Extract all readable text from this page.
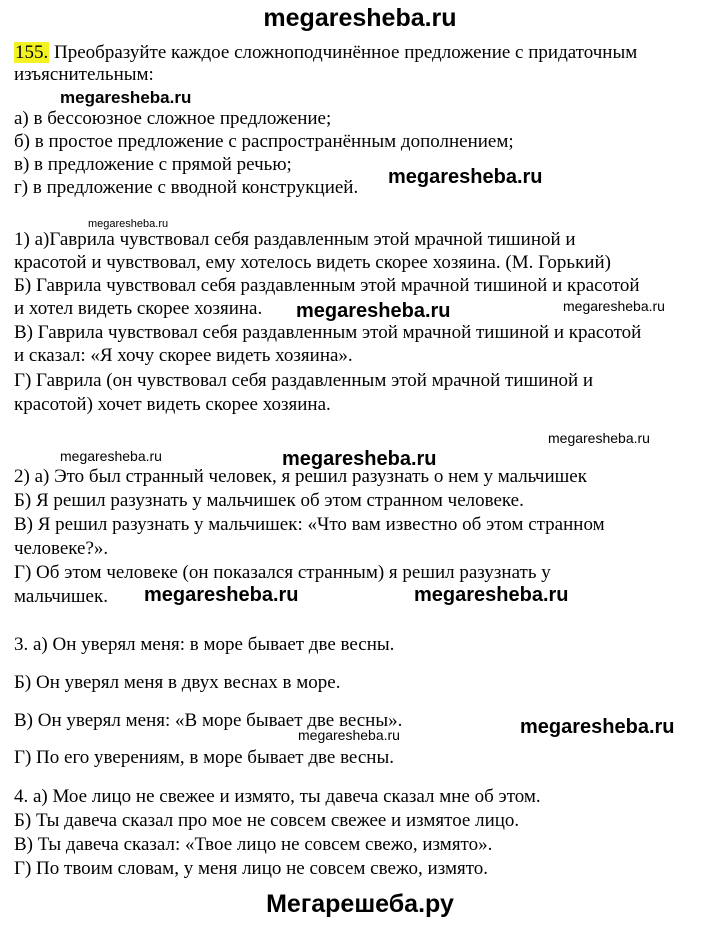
megaresheba.ru
155. Преобразуйте каждое сложноподчинённое предложение с придаточным
изъяснительным:
а) в бессоюзное сложное предложение;
б) в простое предложение с распространённым дополнением;
в) в предложение с прямой речью;
г) в предложение с вводной конструкцией.
1) а)Гаврила чувствовал себя раздавленным этой мрачной тишиной и
красотой и чувствовал, ему хотелось видеть скорее хозяина. (М. Горький)
Б) Гаврила чувствовал себя раздавленным этой мрачной тишиной и красотой
и хотел видеть скорее хозяина.
В) Гаврила чувствовал себя раздавленным этой мрачной тишиной и красотой
и сказал: «Я хочу скорее видеть хозяина».
Г) Гаврила (он чувствовал себя раздавленным этой мрачной тишиной и
красотой) хочет видеть скорее хозяина.
2) а) Это был странный человек, я решил разузнать о нем у мальчишек
Б) Я решил разузнать у мальчишек об этом странном человеке.
В) Я решил разузнать у мальчишек: «Что вам известно об этом странном
человеке?».
Г) Об этом человеке (он показался странным) я решил разузнать у
мальчишек.
3. а) Он уверял меня: в море бывает две весны.
Б) Он уверял меня в двух веснах в море.
В) Он уверял меня: «В море бывает две весны».
Г) По его уверениям, в море бывает две весны.
4. а) Мое лицо не свежее и измято, ты давеча сказал мне об этом.
Б) Ты давеча сказал про мое не совсем свежее и измятое лицо.
В) Ты давеча сказал: «Твое лицо не совсем свежо, измято».
Г) По твоим словам, у меня лицо не совсем свежо, измято.
megaresheba.ru
megaresheba.ru
megaresheba.ru
megaresheba.ru	megaresheba.ru
megaresheba.ru
megaresheba.ru	megaresheba.ru
megaresheba.ru	megaresheba.ru
megaresheba.ru
megaresheba.ru
Мегарешеба.ру
